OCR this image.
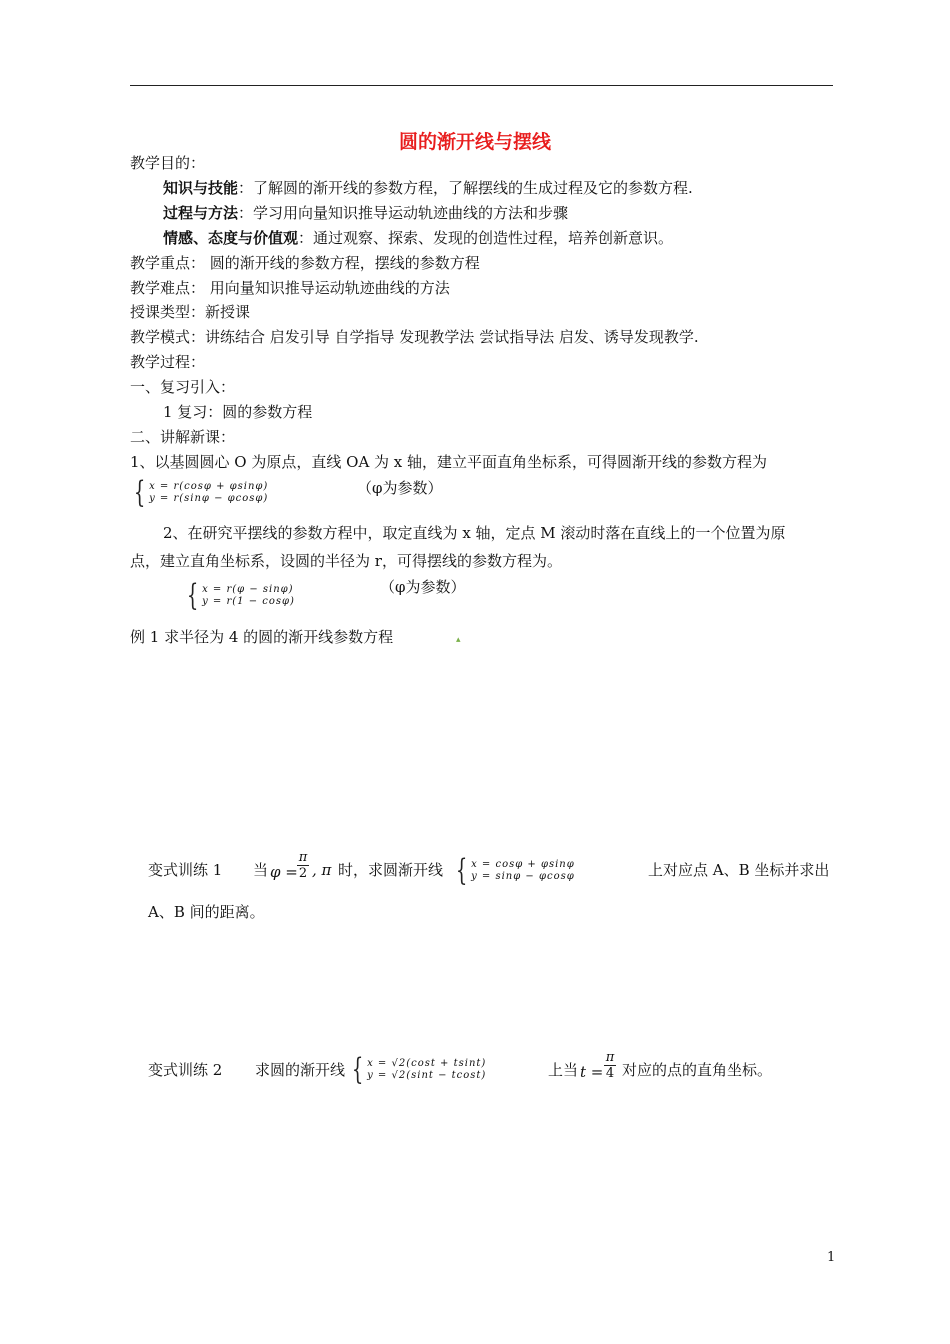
圆的渐开线与摆线
教学目的：
知识与技能：了解圆的渐开线的参数方程，了解摆线的生成过程及它的参数方程.
过程与方法：学习用向量知识推导运动轨迹曲线的方法和步骤
情感、态度与价值观：通过观察、探索、发现的创造性过程，培养创新意识。
教学重点： 圆的渐开线的参数方程，摆线的参数方程
教学难点： 用向量知识推导运动轨迹曲线的方法
授课类型：新授课
教学模式：讲练结合 启发引导 自学指导 发现教学法 尝试指导法 启发、诱导发现教学.
教学过程：
一、复习引入：
1 复习：圆的参数方程
二、讲解新课：
1、以基圆圆心 O 为原点，直线 OA 为 x 轴，建立平面直角坐标系，可得圆渐开线的参数方程为
{ x = r(cosφ + φsinφ)
y = r(sinφ − φcosφ)
（φ为参数）
2、在研究平摆线的参数方程中，取定直线为 x 轴，定点 M 滚动时落在直线上的一个位置为原
点，建立直角坐标系，设圆的半径为 r，可得摆线的参数方程为。
{ x = r(φ − sinφ)
y = r(1 − cosφ)
（φ为参数）
例 1 求半径为 4 的圆的渐开线参数方程	▴
变式训练 1 当 φ =
π
2 , π 时，求圆渐开线 { x = cosφ + φsinφ
y = sinφ − φcosφ	上对应点 A、B 坐标并求出
A、B 间的距离。
变式训练 2 求圆的渐开线 { x = √2(cost + tsint)
y = √2(sint − tcost)	上当 t =
π
4 对应的点的直角坐标。
1
